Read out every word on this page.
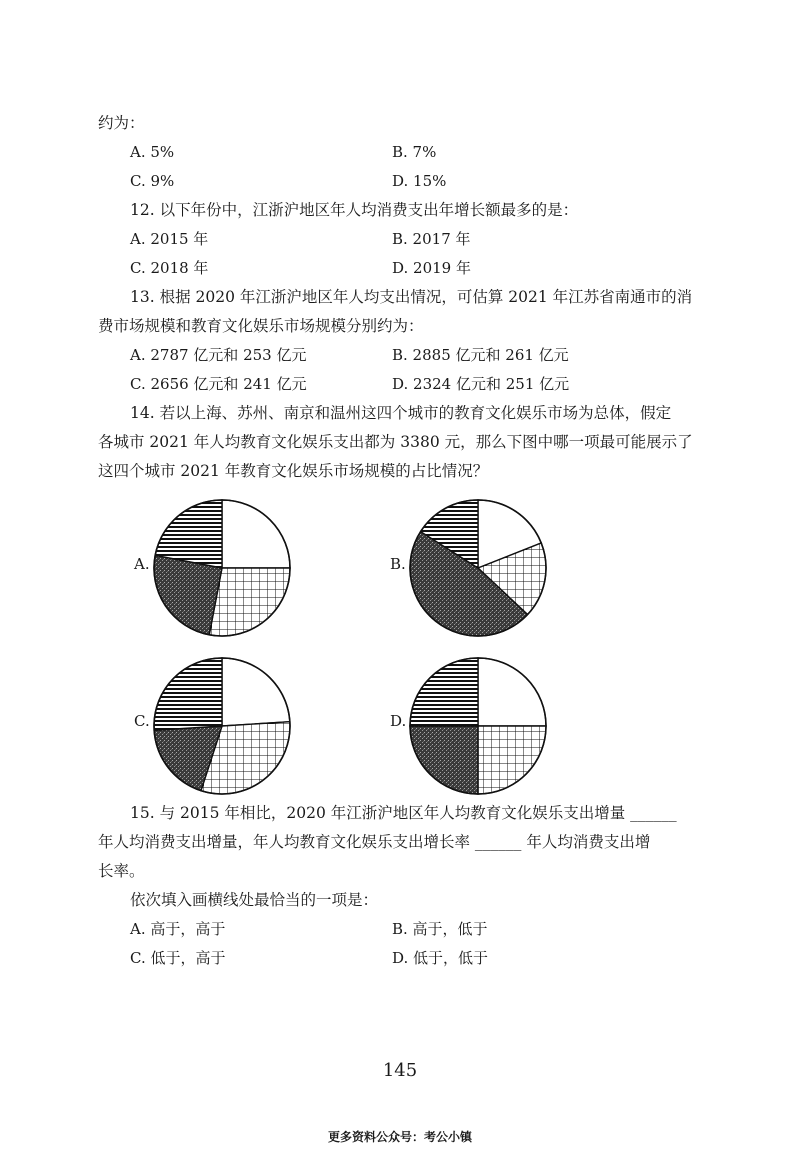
约为：
A. 5%	B. 7%
C. 9%	D. 15%
12. 以下年份中，江浙沪地区年人均消费支出年增长额最多的是：
A. 2015 年	B. 2017 年
C. 2018 年	D. 2019 年
13. 根据 2020 年江浙沪地区年人均支出情况，可估算 2021 年江苏省南通市的消
费市场规模和教育文化娱乐市场规模分别约为：
A. 2787 亿元和 253 亿元	B. 2885 亿元和 261 亿元
C. 2656 亿元和 241 亿元	D. 2324 亿元和 251 亿元
14. 若以上海、苏州、南京和温州这四个城市的教育文化娱乐市场为总体，假定
各城市 2021 年人均教育文化娱乐支出都为 3380 元，那么下图中哪一项最可能展示了
这四个城市 2021 年教育文化娱乐市场规模的占比情况？
A.	B.
C.	D.
15. 与 2015 年相比，2020 年江浙沪地区年人均教育文化娱乐支出增量 ______
年人均消费支出增量，年人均教育文化娱乐支出增长率 ______ 年人均消费支出增
长率。
依次填入画横线处最恰当的一项是：
A. 高于，高于	B. 高于，低于
C. 低于，高于	D. 低于，低于
145
更多资料公众号：考公小镇
